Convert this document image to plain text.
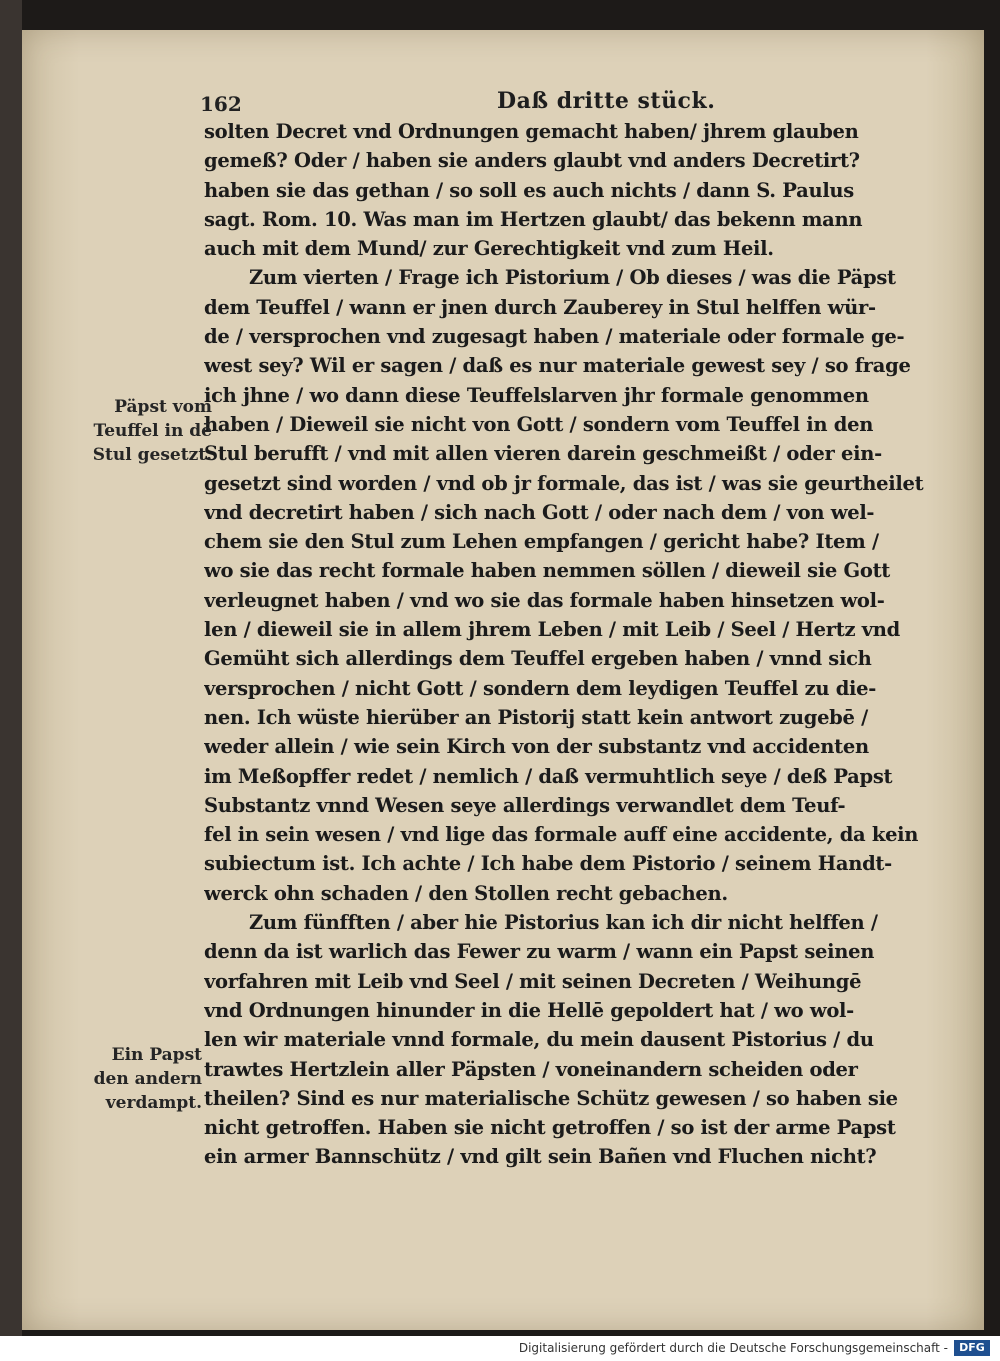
162	Daß dritte stück.
solten Decret vnd Ordnungen gemacht haben/ jhrem glauben
gemeß? Oder / haben sie anders glaubt vnd anders Decretirt?
haben sie das gethan / so soll es auch nichts / dann S. Paulus
sagt. Rom. 10. Was man im Hertzen glaubt/ das bekenn mann
auch mit dem Mund/ zur Gerechtigkeit vnd zum Heil.
Zum vierten / Frage ich Pistorium / Ob dieses / was die Päpst
dem Teuffel / wann er jnen durch Zauberey in Stul helffen wür-
de / versprochen vnd zugesagt haben / materiale oder formale ge-
west sey? Wil er sagen / daß es nur materiale gewest sey / so frage
ich jhne / wo dann diese Teuffelslarven jhr formale genommen
haben / Dieweil sie nicht von Gott / sondern vom Teuffel in den
Stul berufft / vnd mit allen vieren darein geschmeißt / oder ein-
gesetzt sind worden / vnd ob jr formale, das ist / was sie geurtheilet
vnd decretirt haben / sich nach Gott / oder nach dem / von wel-
chem sie den Stul zum Lehen empfangen / gericht habe? Item /
wo sie das recht formale haben nemmen söllen / dieweil sie Gott
verleugnet haben / vnd wo sie das formale haben hinsetzen wol-
len / dieweil sie in allem jhrem Leben / mit Leib / Seel / Hertz vnd
Gemüht sich allerdings dem Teuffel ergeben haben / vnnd sich
versprochen / nicht Gott / sondern dem leydigen Teuffel zu die-
nen. Ich wüste hierüber an Pistorij statt kein antwort zugebē /
weder allein / wie sein Kirch von der substantz vnd accidenten
im Meßopffer redet / nemlich / daß vermuhtlich seye / deß Papst
Substantz vnnd Wesen seye allerdings verwandlet dem Teuf-
fel in sein wesen / vnd lige das formale auff eine accidente, da kein
subiectum ist. Ich achte / Ich habe dem Pistorio / seinem Handt-
werck ohn schaden / den Stollen recht gebachen.
Zum fünfften / aber hie Pistorius kan ich dir nicht helffen /
denn da ist warlich das Fewer zu warm / wann ein Papst seinen
vorfahren mit Leib vnd Seel / mit seinen Decreten / Weihungē
vnd Ordnungen hinunder in die Hellē gepoldert hat / wo wol-
len wir materiale vnnd formale, du mein dausent Pistorius / du
trawtes Hertzlein aller Päpsten / voneinandern scheiden oder
theilen? Sind es nur materialische Schütz gewesen / so haben sie
nicht getroffen. Haben sie nicht getroffen / so ist der arme Papst
ein armer Bannschütz / vnd gilt sein Bañen vnd Fluchen nicht?
Päpst vom
Teuffel in dē
Stul gesetzt.
Ein Papst
den andern
verdampt.
Digitalisierung gefördert durch die Deutsche Forschungsgemeinschaft -	DFG
